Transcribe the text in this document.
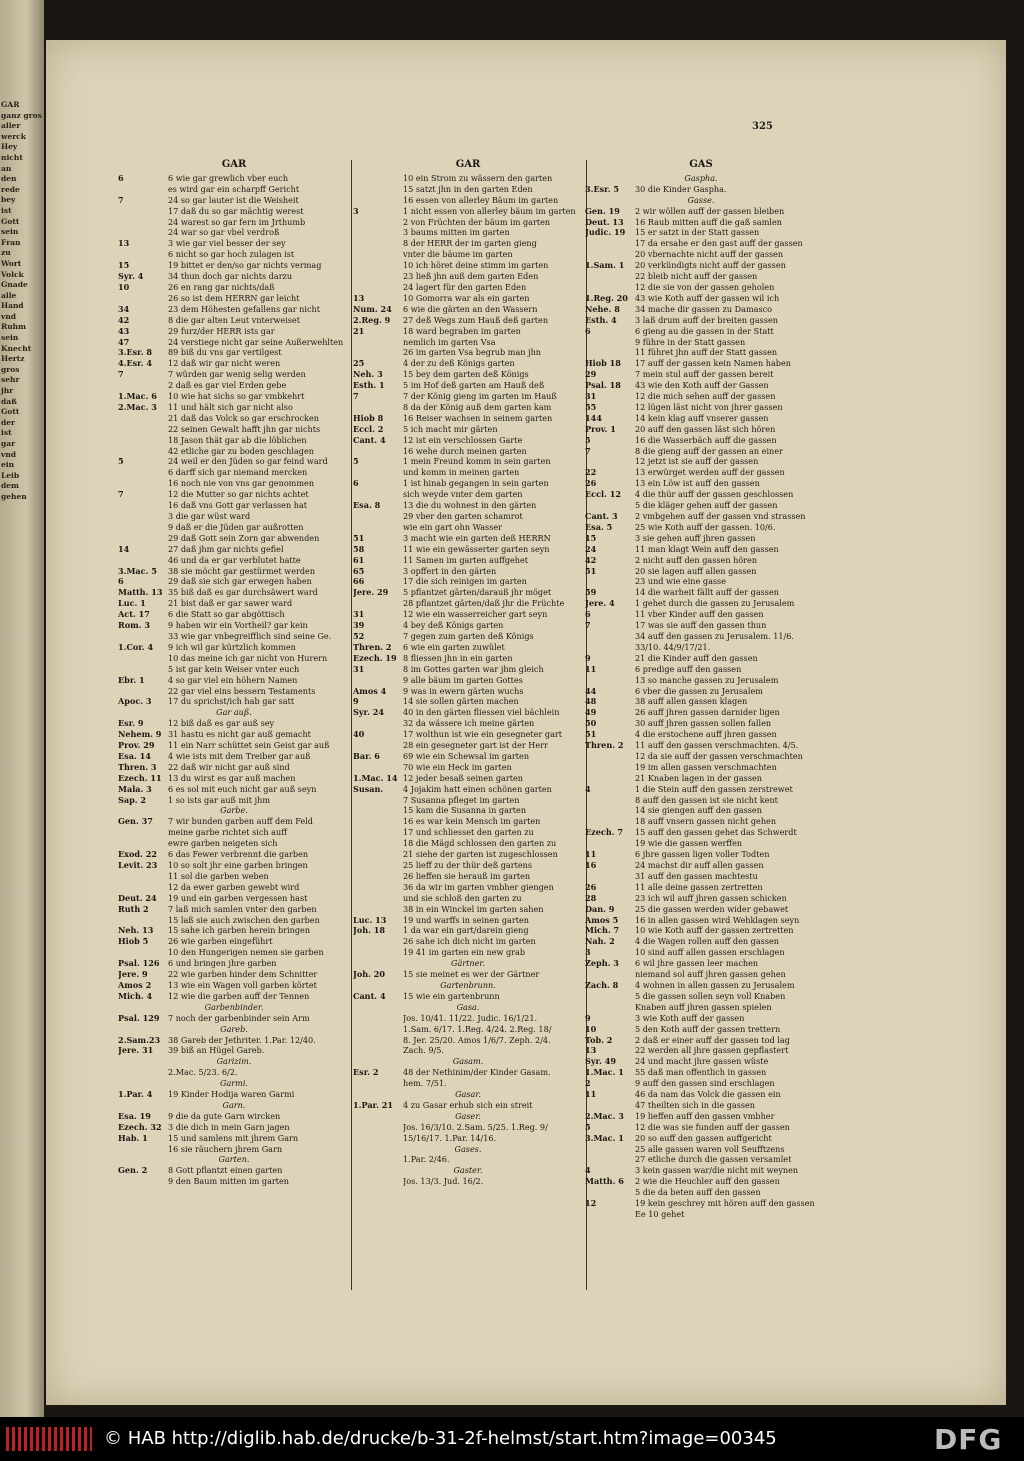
GAR
ganz gros
aller
werck
Hey
nicht
an
den
rede
bey
ist
Gott
sein
Fran
zu
Wort
Volck
Gnade
alle
Hand
vnd
Ruhm
sein
Knecht
Hertz
gros
sehr
jhr
daß
Gott
der
ist
gar
vnd
ein
Leib
dem
gehen
325
GAR
6	6 wie gar grewlich vber euch
es wird gar ein scharpff Gericht
7	24 so gar lauter ist die Weisheit
17 daß du so gar mächtig werest
24 warest so gar fern im Jrthumb
24 war so gar vbel verdroß
13	3 wie gar viel besser der sey
6 nicht so gar hoch zulagen ist
15	19 bittet er den/so gar nichts vermag
Syr. 4	34 thun doch gar nichts darzu
10	26 en rang gar nichts/daß
26 so ist dem HERRN gar leicht
34	23 dem Höhesten gefallens gar nicht
42	8 die gar alten Leut vnterweiset
43	29 furz/der HERR ists gar
47	24 verstiege nicht gar seine Außerwehlten
3.Esr. 8	89 biß du vns gar vertilgest
4.Esr. 4	12 daß wir gar nicht weren
7	7 würden gar wenig selig werden
2 daß es gar viel Erden gebe
1.Mac. 6	10 wie hat sichs so gar vmbkehrt
2.Mac. 3	11 und hält sich gar nicht also
21 daß das Volck so gar erschrocken
22 seinen Gewalt hafft jhn gar nichts
18 Jason thät gar ab die löblichen
42 etliche gar zu boden geschlagen
5	24 weil er den Jüden so gar feind ward
6 darff sich gar niemand mercken
16 noch nie von vns gar genommen
7	12 die Mutter so gar nichts achtet
16 daß vns Gott gar verlassen hat
3 die gar wüst ward
9 daß er die Jüden gar außrotten
29 daß Gott sein Zorn gar abwenden
14	27 daß jhm gar nichts gefiel
46 und da er gar verblutet hatte
3.Mac. 5	38 sie möcht gar gestürmet werden
6	29 daß sie sich gar erwegen haben
Matth. 13 35 biß daß es gar durchsäwert ward
Luc. 1	21 bist daß er gar sawer ward
Act. 17	6 die Statt so gar abgöttisch
Rom. 3	9 haben wir ein Vortheil? gar kein
33 wie gar vnbegreifflich sind seine Ge.
1.Cor. 4	9 ich wil gar kürtzlich kommen
10 das meine ich gar nicht von Hurern
5 ist gar kein Weiser vnter euch
Ebr. 1	4 so gar viel ein höhern Namen
22 gar viel eins bessern Testaments
Apoc. 3	17 du sprichst/ich hab gar satt
Gar auß.
Esr. 9	12 biß daß es gar auß sey
Nehem. 9 31 hastu es nicht gar auß gemacht
Prov. 29	11 ein Narr schüttet sein Geist gar auß
Esa. 14	4 wie ists mit dem Treiber gar auß
Thren. 3	22 daß wir nicht gar auß sind
Ezech. 11 13 du wirst es gar auß machen
Mala. 3	6 es sol mit euch nicht gar auß seyn
Sap. 2	1 so ists gar auß mit jhm
Garbe.
Gen. 37	7 wir bunden garben auff dem Feld
meine garbe richtet sich auff
ewre garben neigeten sich
Exod. 22	6 das Fewer verbrennt die garben
Levit. 23	10 so solt jhr eine garben bringen
11 sol die garben weben
12 da ewer garben gewebt wird
Deut. 24	19 und ein garben vergessen hast
Ruth 2	7 laß mich samlen vnter den garben
15 laß sie auch zwischen den garben
Neh. 13	15 sahe ich garben herein bringen
Hiob 5	26 wie garben eingeführt
10 den Hungerigen nemen sie garben
Psal. 126	6 und bringen jhre garben
Jere. 9	22 wie garben hinder dem Schnitter
Amos 2	13 wie ein Wagen voll garben körtet
Mich. 4	12 wie die garben auff der Tennen
Garbenbinder.
Psal. 129	7 noch der garbenbinder sein Arm
Gareb.
2.Sam.23 38 Gareb der Jethriter. 1.Par. 12/40.
Jere. 31	39 biß an Hügel Gareb.
Garizim.
2.Mac. 5/23. 6/2.
Garmi.
1.Par. 4	19 Kinder Hodija waren Garmi
Garn.
Esa. 19	9 die da gute Garn wircken
Ezech. 32 3 die dich in mein Garn jagen
Hab. 1	15 und samlens mit jhrem Garn
16 sie räuchern jhrem Garn
Garten.
Gen. 2	8 Gott pflantzt einen garten
9 den Baum mitten im garten
GAR
10 ein Strom zu wässern den garten
15 satzt jhn in den garten Eden
16 essen von allerley Bäum im garten
3	1 nicht essen von allerley bäum im garten
2 von Früchten der bäum im garten
3 baums mitten im garten
8 der HERR der im garten gieng
vnter die bäume im garten
10 ich höret deine stimm im garten
23 ließ jhn auß dem garten Eden
24 lagert für den garten Eden
13	10 Gomorra war als ein garten
Num. 24	6 wie die gärten an den Wassern
2.Reg. 9	27 deß Wegs zum Hauß deß garten
21	18 ward begraben im garten
nemlich im garten Vsa
26 im garten Vsa begrub man jhn
25	4 der zu deß Königs garten
Neh. 3	15 bey dem garten deß Königs
Esth. 1	5 im Hof deß garten am Hauß deß
7	7 der König gieng im garten im Hauß
8 da der König auß dem garten kam
Hiob 8	16 Reiser wachsen in seinem garten
Eccl. 2	5 ich macht mir gärten
Cant. 4	12 ist ein verschlossen Garte
16 wehe durch meinen garten
5	1 mein Freund komm in sein garten
und komm in meinen garten
6	1 ist hinab gegangen in sein garten
sich weyde vnter dem garten
Esa. 8	13 die du wohnest in den gärten
29 vber den garten schamrot
wie ein gart ohn Wasser
51	3 macht wie ein garten deß HERRN
58	11 wie ein gewässerter garten seyn
61	11 Samen im garten auffgehet
65	3 opffert in den gärten
66	17 die sich reinigen im garten
Jere. 29	5 pflantzet gärten/darauß jhr möget
28 pflantzet gärten/daß jhr die Früchte
31	12 wie ein wasserreicher gart seyn
39	4 bey deß Königs garten
52	7 gegen zum garten deß Königs
Thren. 2	6 wie ein garten zuwület
Ezech. 19 8 fliessen jhn in ein garten
31	8 im Gottes garten war jhm gleich
9 alle bäum im garten Gottes
Amos 4	9 was in ewern gärten wuchs
9	14 sie sollen gärten machen
Syr. 24	40 in den gärten fliessen viel bächlein
32 da wässere ich meine gärten
40	17 wolthun ist wie ein gesegneter gart
28 ein gesegneter gart ist der Herr
Bar. 6	69 wie ein Schewsal im garten
70 wie ein Heck im garten
1.Mac. 14 12 jeder besaß seinen garten
Susan.	4 Jojakim hatt einen schönen garten
7 Susanna pfleget im garten
15 kam die Susanna in garten
16 es war kein Mensch im garten
17 und schliesset den garten zu
18 die Mägd schlossen den garten zu
21 siehe der garten ist zugeschlossen
25 lieff zu der thür deß gartens
26 lieffen sie herauß im garten
36 da wir im garten vmbher giengen
und sie schloß den garten zu
38 in ein Winckel im garten sahen
Luc. 13	19 und warffs in seinen garten
Joh. 18	1 da war ein gart/darein gieng
26 sahe ich dich nicht im garten
19 41 im garten ein new grab
Gärtner.
Joh. 20	15 sie meinet es wer der Gärtner
Gartenbrunn.
Cant. 4	15 wie ein gartenbrunn
Gasa.
Jos. 10/41. 11/22. Judic. 16/1/21.
1.Sam. 6/17. 1.Reg. 4/24. 2.Reg. 18/
8. Jer. 25/20. Amos 1/6/7. Zeph. 2/4.
Zach. 9/5.
Gasam.
Esr. 2	48 der Nethinim/der Kinder Gasam.
hem. 7/51.
Gasar.
1.Par. 21	4 zu Gasar erhub sich ein streit
Gaser.
Jos. 16/3/10. 2.Sam. 5/25. 1.Reg. 9/
15/16/17. 1.Par. 14/16.
Gases.
1.Par. 2/46.
Gaster.
Jos. 13/3. Jud. 16/2.
GAS
Gaspha.
3.Esr. 5	30 die Kinder Gaspha.
Gasse.
Gen. 19	2 wir wöllen auff der gassen bleiben
Deut. 13	16 Raub mitten auff die gaß samlen
Judic. 19	15 er satzt in der Statt gassen
17 da ersahe er den gast auff der gassen
20 vbernachte nicht auff der gassen
1.Sam. 1	20 verkündigts nicht auff der gassen
22 bleib nicht auff der gassen
12 die sie von der gassen geholen
1.Reg. 20 43 wie Koth auff der gassen wil ich
Nehe. 8	34 mache dir gassen zu Damasco
Esth. 4	3 laß drum auff der breiten gassen
6	6 gieng au die gassen in der Statt
9 führe in der Statt gassen
11 führet jhn auff der Statt gassen
Hiob 18	17 auff der gassen kein Namen haben
29	7 mein stul auff der gassen bereit
Psal. 18	43 wie den Koth auff der Gassen
31	12 die mich sehen auff der gassen
55	12 lügen läst nicht von jhrer gassen
144	14 kein klag auff vnserer gassen
Prov. 1	20 auff den gassen läst sich hören
5	16 die Wasserbäch auff die gassen
7	8 die gieng auff der gassen an einer
12 jetzt ist sie auff der gassen
22	13 erwürget werden auff der gassen
26	13 ein Löw ist auff den gassen
Eccl. 12	4 die thür auff der gassen geschlossen
5 die kläger gehen auff der gassen
Cant. 3	2 vmbgehen auff der gassen vnd strassen
Esa. 5	25 wie Koth auff der gassen. 10/6.
15	3 sie gehen auff jhren gassen
24	11 man klagt Wein auff den gassen
42	2 nicht auff den gassen hören
51	20 sie lagen auff allen gassen
23 und wie eine gasse
59	14 die warheit fällt auff der gassen
Jere. 4	1 gehet durch die gassen zu Jerusalem
6	11 vber Kinder auff den gassen
7	17 was sie auff den gassen thun
34 auff den gassen zu Jerusalem. 11/6.
33/10. 44/9/17/21.
9	21 die Kinder auff den gassen
11	6 predige auff den gassen
13 so manche gassen zu Jerusalem
44	6 vber die gassen zu Jerusalem
48	38 auff allen gassen klagen
49	26 auff jhren gassen darnider ligen
50	30 auff jhren gassen sollen fallen
51	4 die erstochene auff jhren gassen
Thren. 2	11 auff den gassen verschmachten. 4/5.
12 da sie auff der gassen verschmachten
19 im allen gassen verschmachten
21 Knaben lagen in der gassen
4	1 die Stein auff den gassen zerstrewet
8 auff den gassen ist sie nicht kent
14 sie giengen auff den gassen
18 auff vnsern gassen nicht gehen
Ezech. 7	15 auff den gassen gehet das Schwerdt
19 wie die gassen werffen
11	6 jhre gassen ligen voller Todten
16	24 machst dir auff allen gassen
31 auff den gassen machtestu
26	11 alle deine gassen zertretten
28	23 ich wil auff jhren gassen schicken
Dan. 9	25 die gassen werden wider gebawet
Amos 5	16 in allen gassen wird Wehklagen seyn
Mich. 7	10 wie Koth auff der gassen zertretten
Nah. 2	4 die Wagen rollen auff den gassen
3	10 sind auff allen gassen erschlagen
Zeph. 3	6 wil jhre gassen leer machen
niemand sol auff jhren gassen gehen
Zach. 8	4 wohnen in allen gassen zu Jerusalem
5 die gassen sollen seyn voll Knaben
Knaben auff jhren gassen spielen
9	3 wie Koth auff der gassen
10	5 den Koth auff der gassen trettern
Tob. 2	2 daß er einer auff der gassen tod lag
13	22 werden all jhre gassen gepflastert
Syr. 49	24 und macht jhre gassen wüste
1.Mac. 1	55 daß man offentlich in gassen
2	9 auff den gassen sind erschlagen
11	46 da nam das Volck die gassen ein
47 theilten sich in die gassen
2.Mac. 3	19 lieffen auff den gassen vmbher
5	12 die was sie funden auff der gassen
3.Mac. 1	20 so auff den gassen auffgericht
25 alle gassen waren voll Seufftzens
27 etliche durch die gassen versamlet
4	3 kein gassen war/die nicht mit weynen
Matth. 6	2 wie die Heuchler auff den gassen
5 die da beten auff den gassen
12	19 kein geschrey mit hören auff den gassen
Ee 10 gehet
© HAB http://diglib.hab.de/drucke/b-31-2f-helmst/start.htm?image=00345	DFG
